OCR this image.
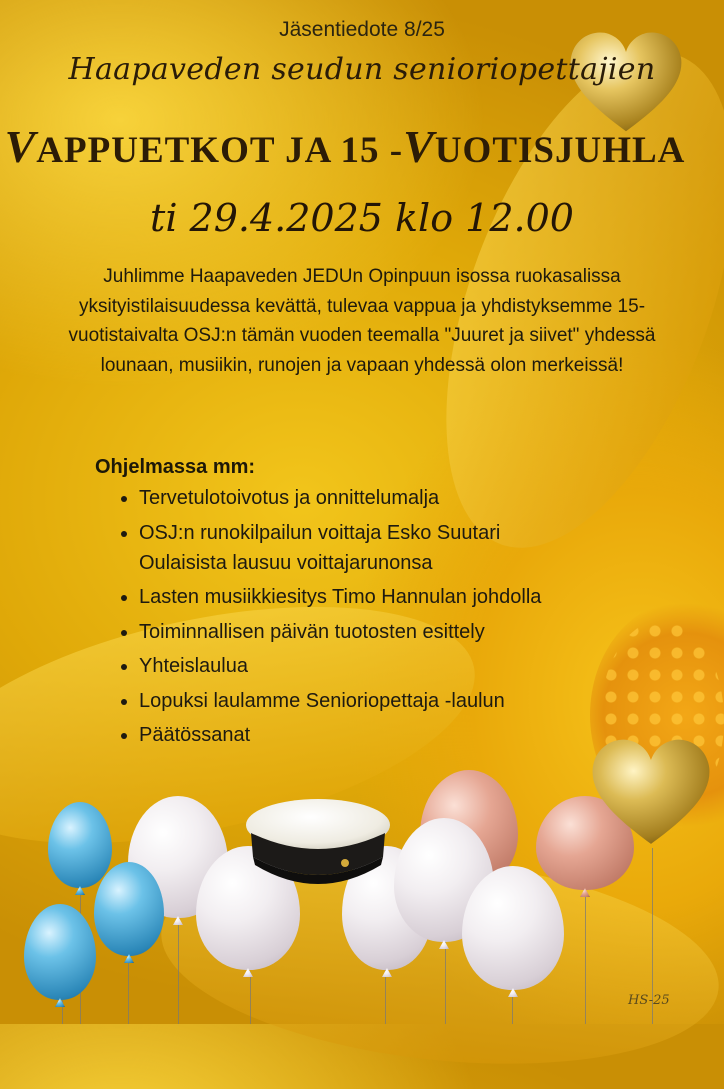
Jäsentiedote 8/25

Haapaveden seudun senioriopettajien

VAPPUETKOT JA 15 -VUOTISJUHLA

ti 29.4.2025 klo 12.00

Juhlimme Haapaveden JEDUn Opinpuun isossa ruokasalissa yksityistilaisuudessa kevättä, tulevaa vappua ja yhdistyksemme 15-vuotistaivalta OSJ:n tämän vuoden teemalla "Juuret ja siivet" yhdessä lounaan, musiikin, runojen ja vapaan yhdessä olon merkeissä!

Ohjelmassa mm:
• Tervetulotoivotus ja onnittelumalja
• OSJ:n runokilpailun voittaja Esko Suutari Oulaisista lausuu voittajarunonsa
• Lasten musiikkiesitys Timo Hannulan johdolla
• Toiminnallisen päivän tuotosten esittely
• Yhteislaulua
• Lopuksi laulamme Senioriopettaja -laulun
• Päätössanat
HS-25
